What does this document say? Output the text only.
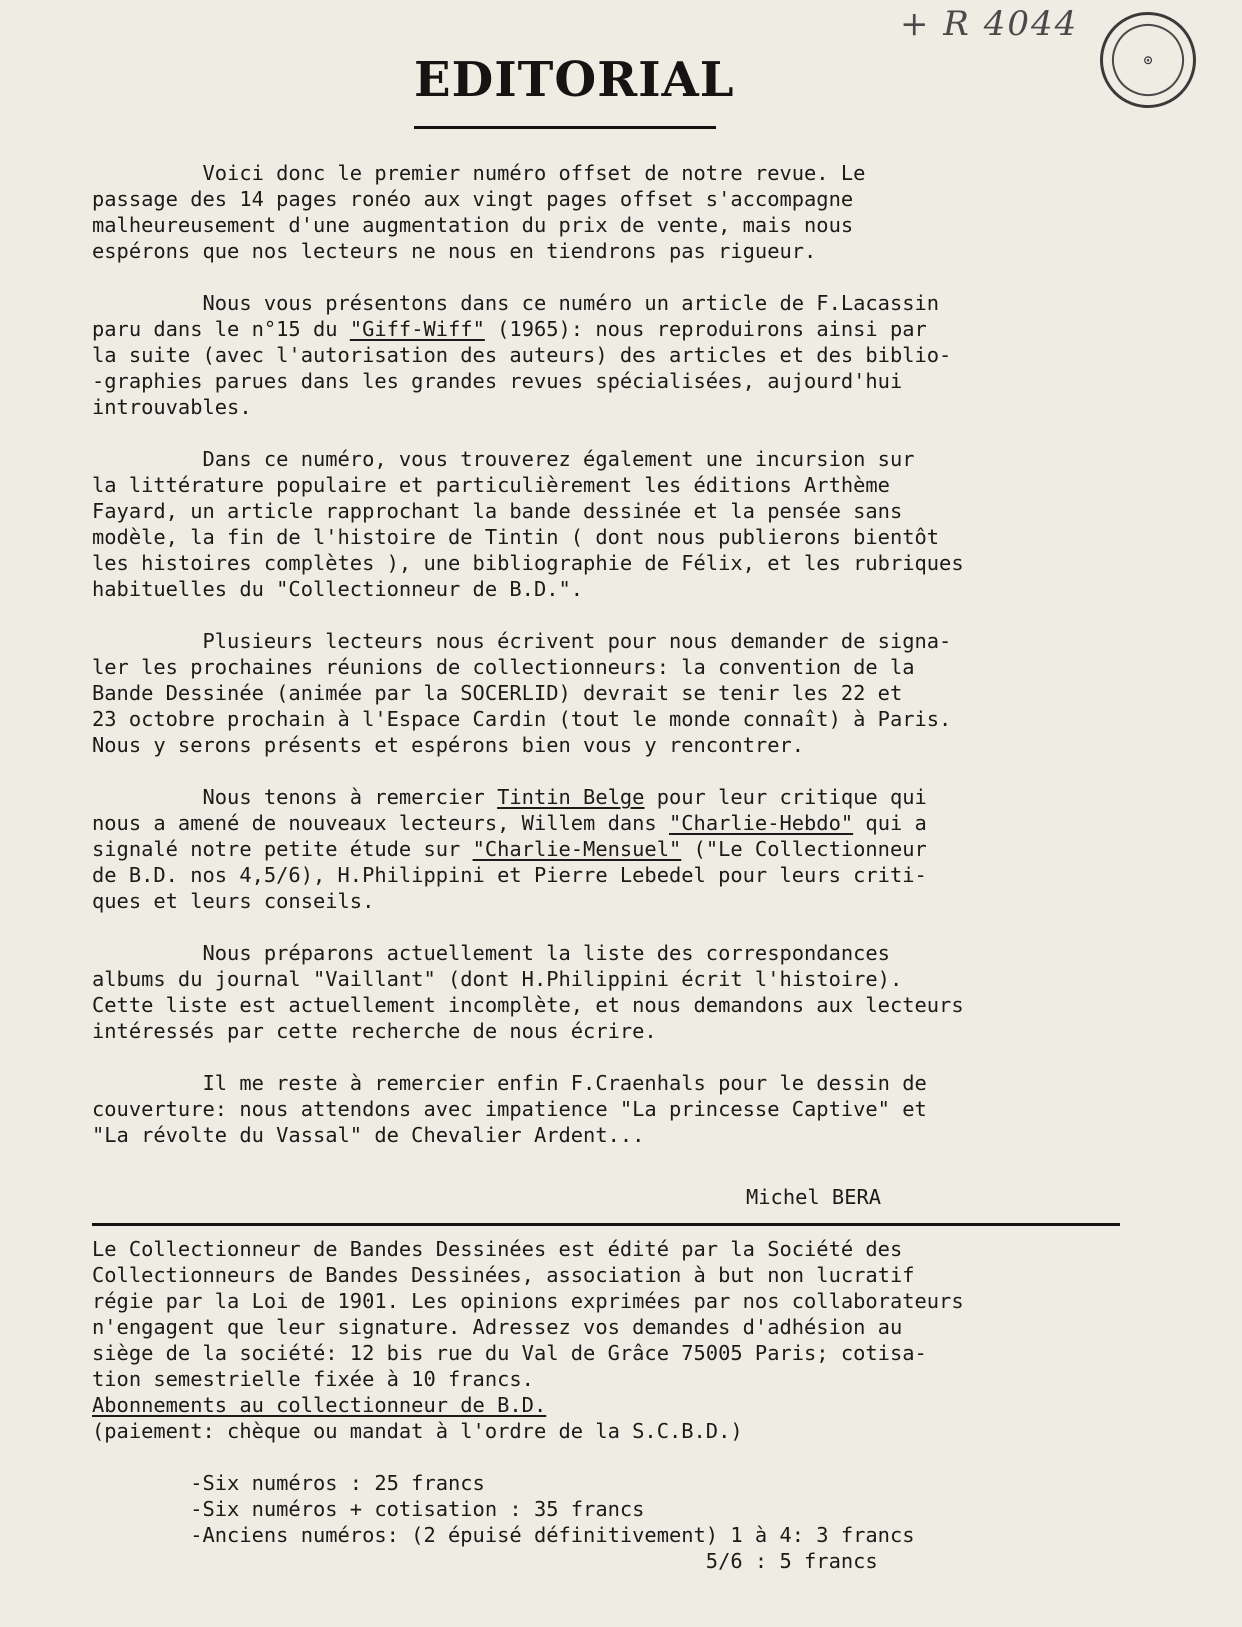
+ R 4044
⊙
EDITORIAL
Voici donc le premier numéro offset de notre revue. Le
passage des 14 pages ronéo aux vingt pages offset s'accompagne
malheureusement d'une augmentation du prix de vente, mais nous
espérons que nos lecteurs ne nous en tiendrons pas rigueur.
Nous vous présentons dans ce numéro un article de F.Lacassin
paru dans le n°15 du "Giff-Wiff" (1965): nous reproduirons ainsi par
la suite (avec l'autorisation des auteurs) des articles et des biblio-
-graphies parues dans les grandes revues spécialisées, aujourd'hui
introuvables.
Dans ce numéro, vous trouverez également une incursion sur
la littérature populaire et particulièrement les éditions Arthème
Fayard, un article rapprochant la bande dessinée et la pensée sans
modèle, la fin de l'histoire de Tintin ( dont nous publierons bientôt
les histoires complètes ), une bibliographie de Félix, et les rubriques
habituelles du "Collectionneur de B.D.".
Plusieurs lecteurs nous écrivent pour nous demander de signa-
ler les prochaines réunions de collectionneurs: la convention de la
Bande Dessinée (animée par la SOCERLID) devrait se tenir les 22 et
23 octobre prochain à l'Espace Cardin (tout le monde connaît) à Paris.
Nous y serons présents et espérons bien vous y rencontrer.
Nous tenons à remercier Tintin Belge pour leur critique qui
nous a amené de nouveaux lecteurs, Willem dans "Charlie-Hebdo" qui a
signalé notre petite étude sur "Charlie-Mensuel" ("Le Collectionneur
de B.D. nos 4,5/6), H.Philippini et Pierre Lebedel pour leurs criti-
ques et leurs conseils.
Nous préparons actuellement la liste des correspondances
albums du journal "Vaillant" (dont H.Philippini écrit l'histoire).
Cette liste est actuellement incomplète, et nous demandons aux lecteurs
intéressés par cette recherche de nous écrire.
Il me reste à remercier enfin F.Craenhals pour le dessin de
couverture: nous attendons avec impatience "La princesse Captive" et
"La révolte du Vassal" de Chevalier Ardent...
Michel BERA
Le Collectionneur de Bandes Dessinées est édité par la Société des
Collectionneurs de Bandes Dessinées, association à but non lucratif
régie par la Loi de 1901. Les opinions exprimées par nos collaborateurs
n'engagent que leur signature. Adressez vos demandes d'adhésion au
siège de la société: 12 bis rue du Val de Grâce 75005 Paris; cotisa-
tion semestrielle fixée à 10 francs.
Abonnements au collectionneur de B.D.
(paiement: chèque ou mandat à l'ordre de la S.C.B.D.)
-Six numéros : 25 francs
-Six numéros + cotisation : 35 francs
-Anciens numéros: (2 épuisé définitivement) 1 à 4: 3 francs
5/6 : 5 francs
